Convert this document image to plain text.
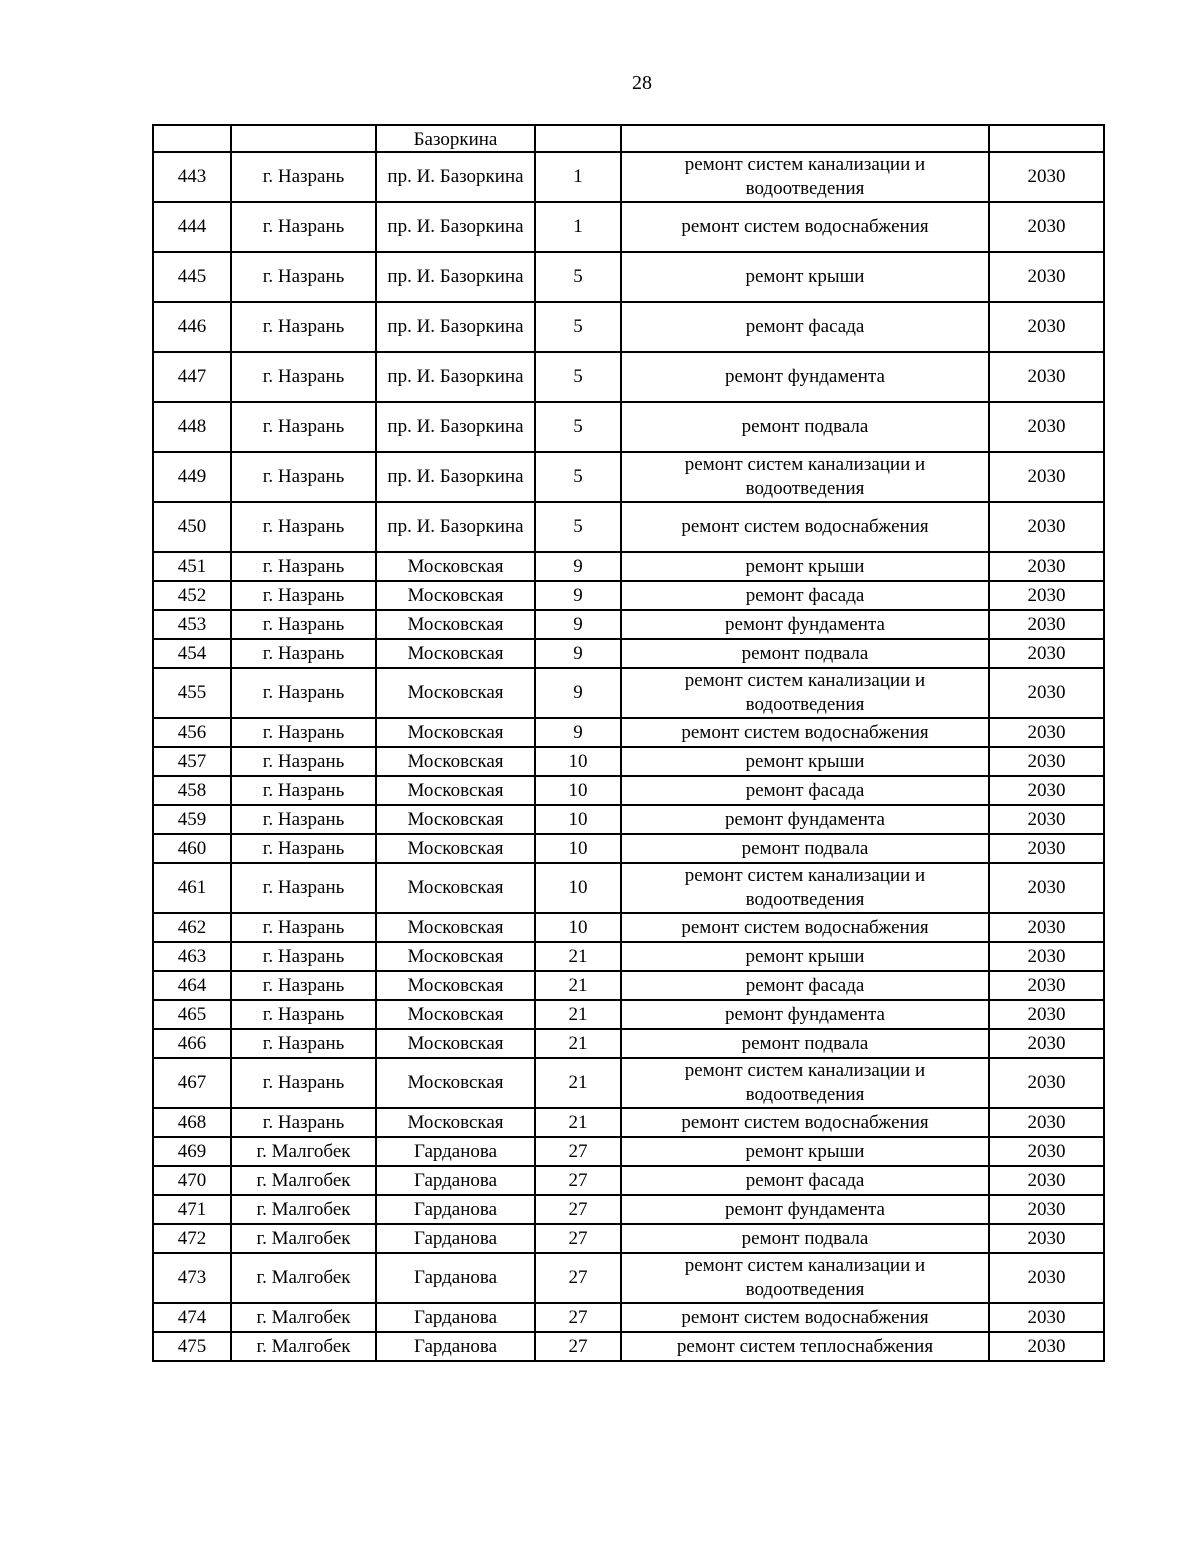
28
		Базоркина			
443	г. Назрань	пр. И. Базоркина	1	ремонт систем канализации и водоотведения	2030
444	г. Назрань	пр. И. Базоркина	1	ремонт систем водоснабжения	2030
445	г. Назрань	пр. И. Базоркина	5	ремонт крыши	2030
446	г. Назрань	пр. И. Базоркина	5	ремонт фасада	2030
447	г. Назрань	пр. И. Базоркина	5	ремонт фундамента	2030
448	г. Назрань	пр. И. Базоркина	5	ремонт подвала	2030
449	г. Назрань	пр. И. Базоркина	5	ремонт систем канализации и водоотведения	2030
450	г. Назрань	пр. И. Базоркина	5	ремонт систем водоснабжения	2030
451	г. Назрань	Московская	9	ремонт крыши	2030
452	г. Назрань	Московская	9	ремонт фасада	2030
453	г. Назрань	Московская	9	ремонт фундамента	2030
454	г. Назрань	Московская	9	ремонт подвала	2030
455	г. Назрань	Московская	9	ремонт систем канализации и водоотведения	2030
456	г. Назрань	Московская	9	ремонт систем водоснабжения	2030
457	г. Назрань	Московская	10	ремонт крыши	2030
458	г. Назрань	Московская	10	ремонт фасада	2030
459	г. Назрань	Московская	10	ремонт фундамента	2030
460	г. Назрань	Московская	10	ремонт подвала	2030
461	г. Назрань	Московская	10	ремонт систем канализации и водоотведения	2030
462	г. Назрань	Московская	10	ремонт систем водоснабжения	2030
463	г. Назрань	Московская	21	ремонт крыши	2030
464	г. Назрань	Московская	21	ремонт фасада	2030
465	г. Назрань	Московская	21	ремонт фундамента	2030
466	г. Назрань	Московская	21	ремонт подвала	2030
467	г. Назрань	Московская	21	ремонт систем канализации и водоотведения	2030
468	г. Назрань	Московская	21	ремонт систем водоснабжения	2030
469	г. Малгобек	Гарданова	27	ремонт крыши	2030
470	г. Малгобек	Гарданова	27	ремонт фасада	2030
471	г. Малгобек	Гарданова	27	ремонт фундамента	2030
472	г. Малгобек	Гарданова	27	ремонт подвала	2030
473	г. Малгобек	Гарданова	27	ремонт систем канализации и водоотведения	2030
474	г. Малгобек	Гарданова	27	ремонт систем водоснабжения	2030
475	г. Малгобек	Гарданова	27	ремонт систем теплоснабжения	2030
